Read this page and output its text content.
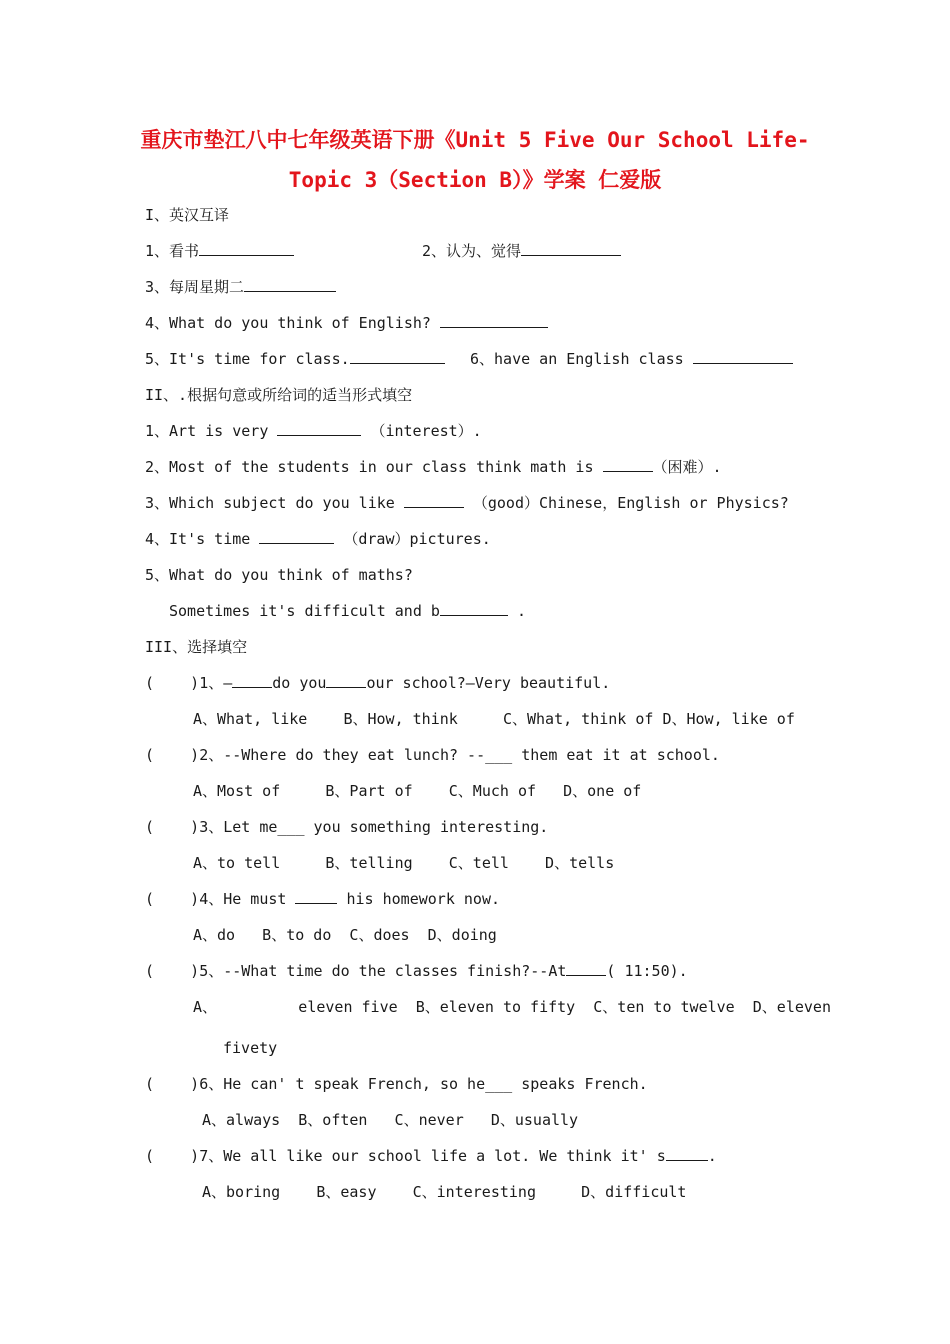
重庆市垫江八中七年级英语下册《Unit 5 Five Our School Life-
Topic 3（Section B）》学案 仁爱版
I、英汉互译
1、看书	2、认为、觉得
3、每周星期二
4、What do you think of English?
5、It's time for class.	6、have an English class
II、.根据句意或所给词的适当形式填空
1、Art is very	（interest）.
2、Most of the students in our class think math is	（困难）.
3、Which subject do you like	（good）Chinese，English or Physics?
4、It's time	（draw）pictures.
5、What do you think of maths?
Sometimes it's difficult and b	.
III、选择填空
(    )1、—	do you	our school?—Very beautiful.
A、What, like    B、How, think     C、What, think of D、How, like of
(    )2、--Where do they eat lunch? --___ them eat it at school.
A、Most of     B、Part of    C、Much of   D、one of
(    )3、Let me___ you something interesting.
A、to tell     B、telling    C、tell    D、tells
(    )4、He must	his homework now.
A、do   B、to do  C、does  D、doing
(    )5、--What time do the classes finish?--At	( 11:50).
A、         eleven five  B、eleven to fifty  C、ten to twelve  D、eleven
fivety
(    )6、He can' t speak French, so he___ speaks French.
A、always  B、often   C、never   D、usually
(    )7、We all like our school life a lot. We think it' s	.
A、boring    B、easy    C、interesting     D、difficult
